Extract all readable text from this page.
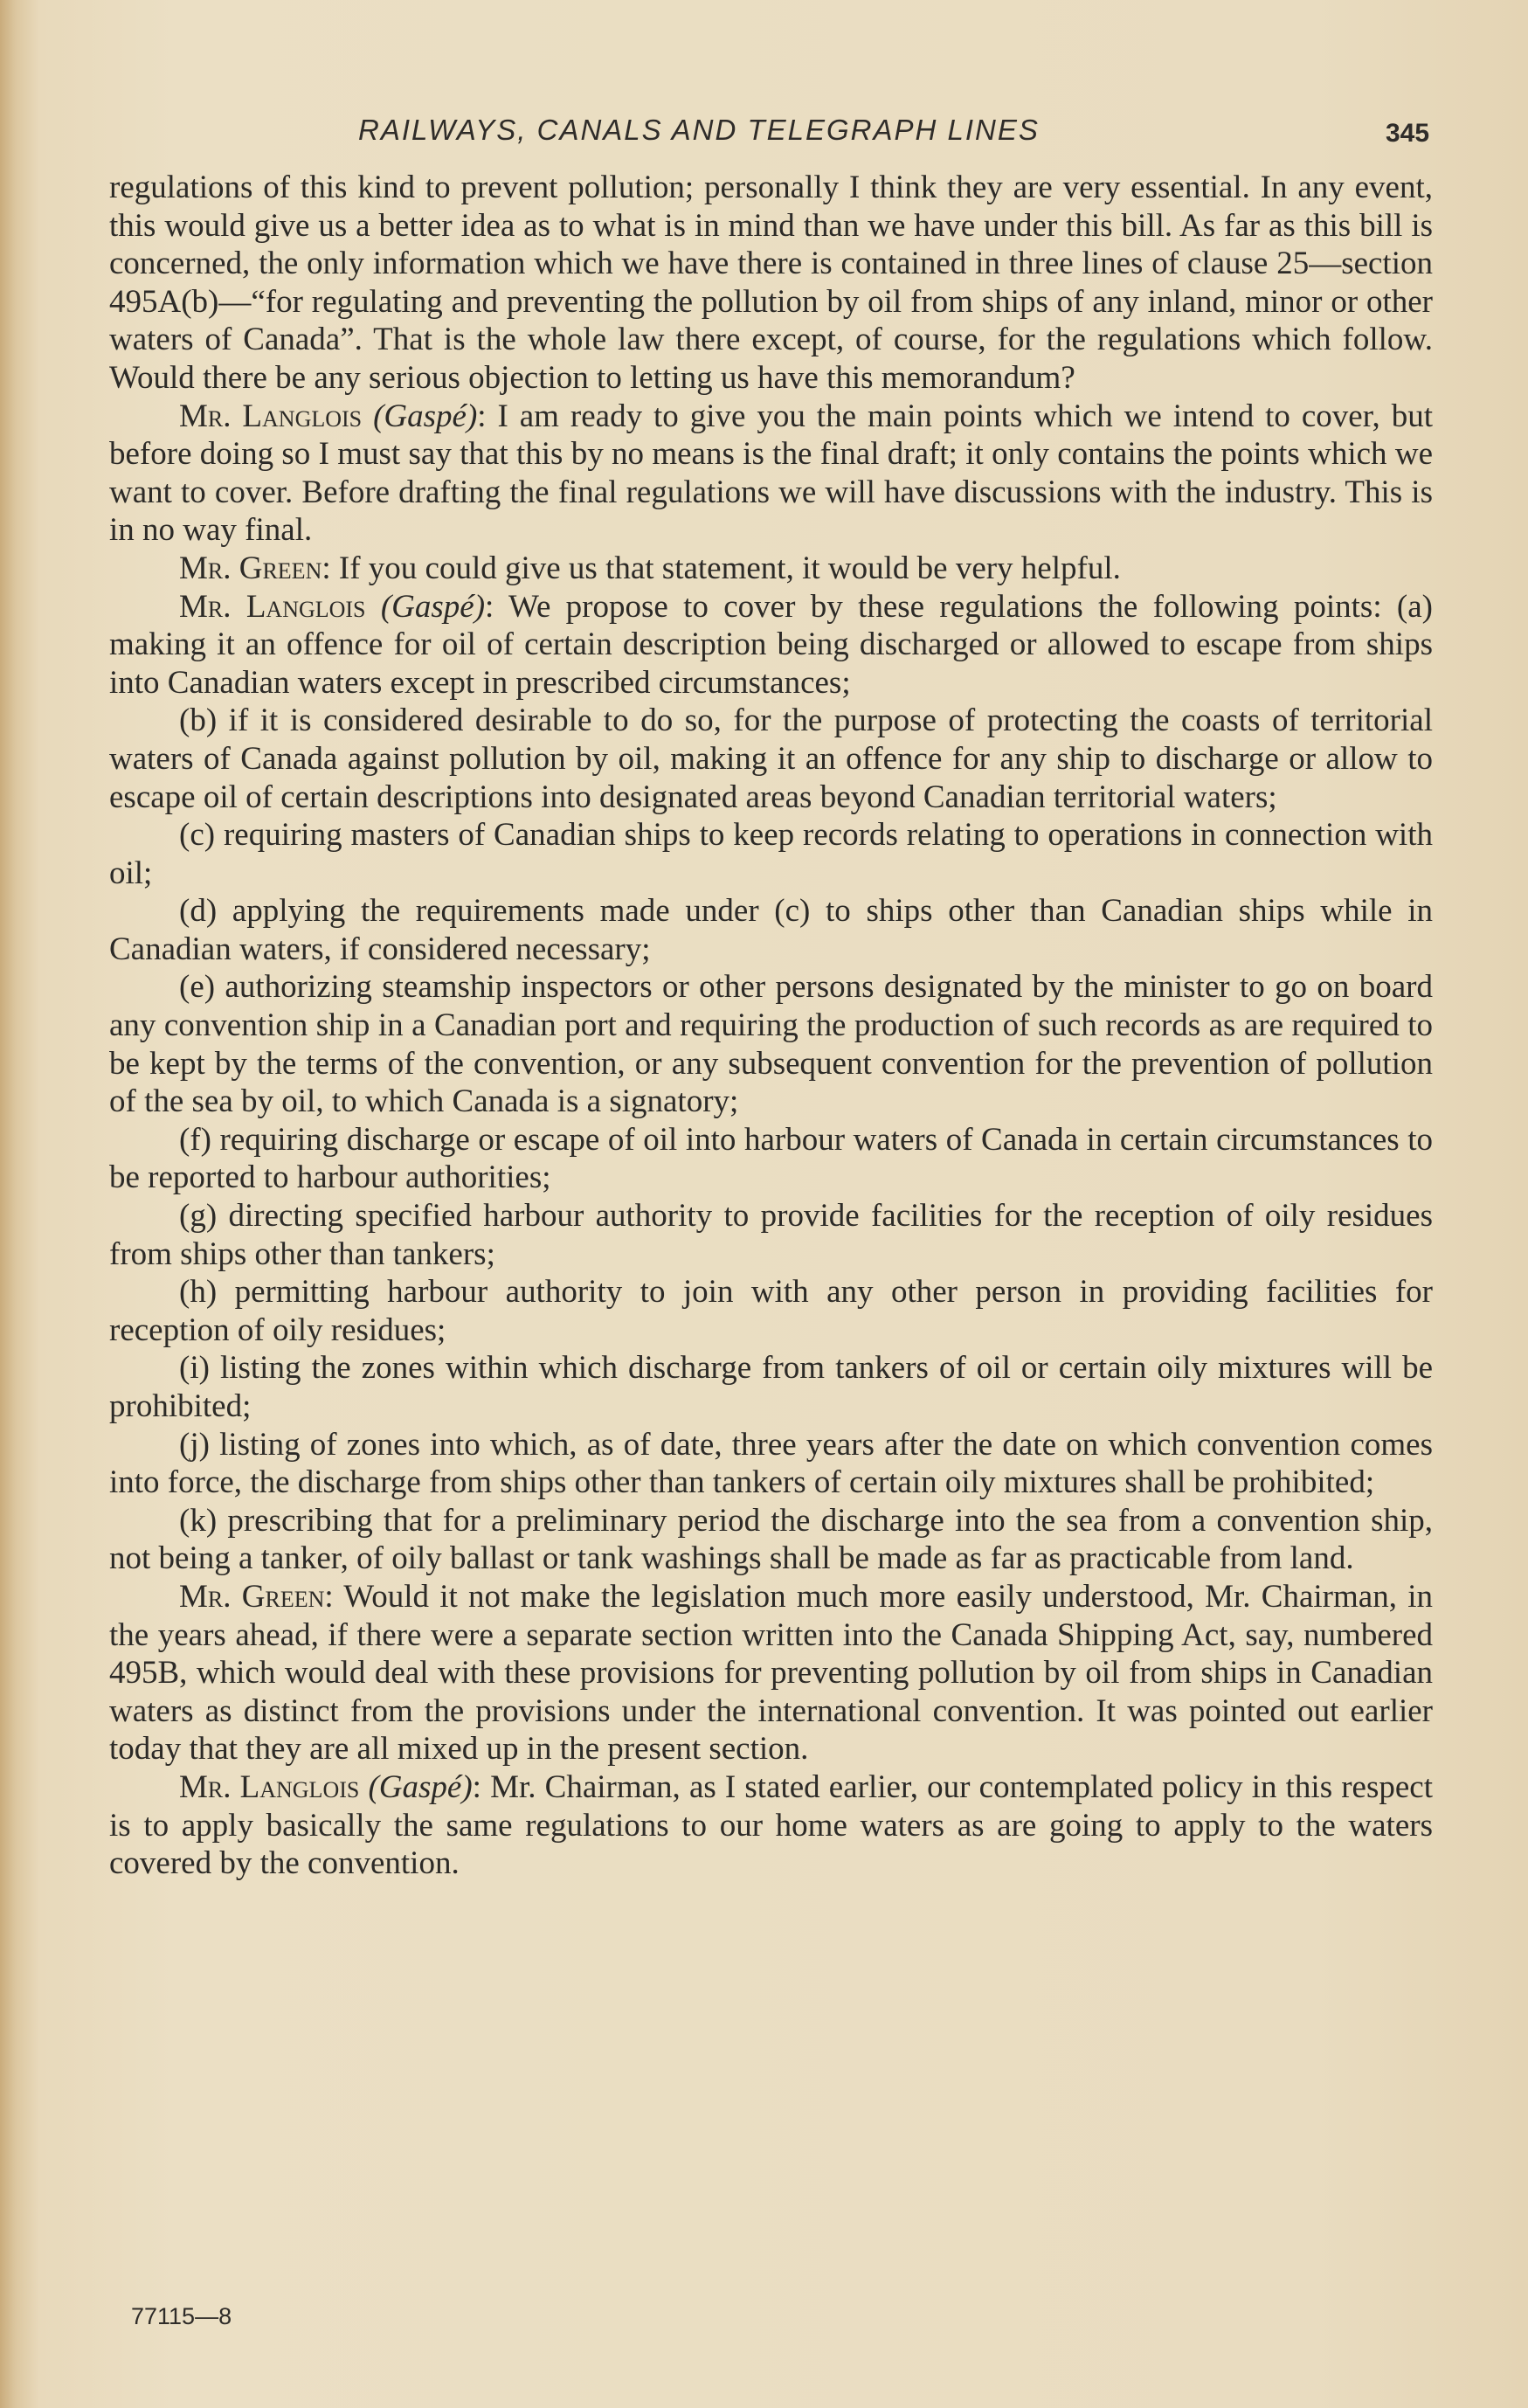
RAILWAYS, CANALS AND TELEGRAPH LINES	345

regulations of this kind to prevent pollution; personally I think they are very essential. In any event, this would give us a better idea as to what is in mind than we have under this bill. As far as this bill is concerned, the only information which we have there is contained in three lines of clause 25—section 495A(b)—“for regulating and preventing the pollution by oil from ships of any inland, minor or other waters of Canada”. That is the whole law there except, of course, for the regulations which follow. Would there be any serious objection to letting us have this memorandum?

Mr. Langlois (Gaspé): I am ready to give you the main points which we intend to cover, but before doing so I must say that this by no means is the final draft; it only contains the points which we want to cover. Before drafting the final regulations we will have discussions with the industry. This is in no way final.

Mr. Green: If you could give us that statement, it would be very helpful.

Mr. Langlois (Gaspé): We propose to cover by these regulations the following points: (a) making it an offence for oil of certain description being discharged or allowed to escape from ships into Canadian waters except in prescribed circumstances;

(b) if it is considered desirable to do so, for the purpose of protecting the coasts of territorial waters of Canada against pollution by oil, making it an offence for any ship to discharge or allow to escape oil of certain descriptions into designated areas beyond Canadian territorial waters;

(c) requiring masters of Canadian ships to keep records relating to operations in connection with oil;

(d) applying the requirements made under (c) to ships other than Canadian ships while in Canadian waters, if considered necessary;

(e) authorizing steamship inspectors or other persons designated by the minister to go on board any convention ship in a Canadian port and requiring the production of such records as are required to be kept by the terms of the convention, or any subsequent convention for the prevention of pollution of the sea by oil, to which Canada is a signatory;

(f) requiring discharge or escape of oil into harbour waters of Canada in certain circumstances to be reported to harbour authorities;

(g) directing specified harbour authority to provide facilities for the reception of oily residues from ships other than tankers;

(h) permitting harbour authority to join with any other person in providing facilities for reception of oily residues;

(i) listing the zones within which discharge from tankers of oil or certain oily mixtures will be prohibited;

(j) listing of zones into which, as of date, three years after the date on which convention comes into force, the discharge from ships other than tankers of certain oily mixtures shall be prohibited;

(k) prescribing that for a preliminary period the discharge into the sea from a convention ship, not being a tanker, of oily ballast or tank washings shall be made as far as practicable from land.

Mr. Green: Would it not make the legislation much more easily understood, Mr. Chairman, in the years ahead, if there were a separate section written into the Canada Shipping Act, say, numbered 495B, which would deal with these provisions for preventing pollution by oil from ships in Canadian waters as distinct from the provisions under the international convention. It was pointed out earlier today that they are all mixed up in the present section.

Mr. Langlois (Gaspé): Mr. Chairman, as I stated earlier, our contemplated policy in this respect is to apply basically the same regulations to our home waters as are going to apply to the waters covered by the convention.

77115—8
